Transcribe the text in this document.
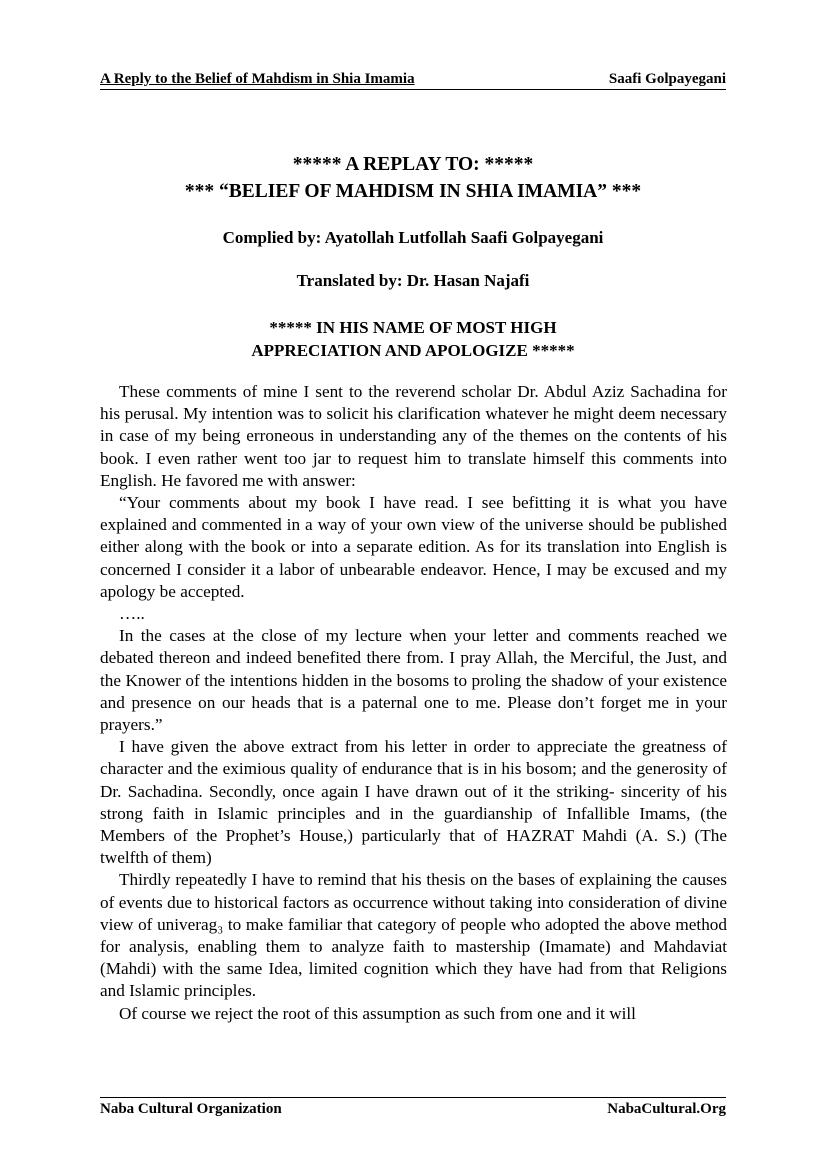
A Reply to the Belief of Mahdism in Shia Imamia	Saafi Golpayegani
***** A REPLAY TO: *****
*** “BELIEF OF MAHDISM IN SHIA IMAMIA” ***
Complied by: Ayatollah Lutfollah Saafi Golpayegani
Translated by: Dr. Hasan Najafi
***** IN HIS NAME OF MOST HIGH
APPRECIATION AND APOLOGIZE *****

These comments of mine I sent to the reverend scholar Dr. Abdul Aziz Sachadina for his perusal. My intention was to solicit his clarification whatever he might deem necessary in case of my being erroneous in understanding any of the themes on the contents of his book. I even rather went too jar to request him to translate himself this comments into English. He favored me with answer:

“Your comments about my book I have read. I see befitting it is what you have explained and commented in a way of your own view of the universe should be published either along with the book or into a separate edition. As for its translation into English is concerned I consider it a labor of unbearable endeavor. Hence, I may be excused and my apology be accepted.

…..

In the cases at the close of my lecture when your letter and comments reached we debated thereon and indeed benefited there from. I pray Allah, the Merciful, the Just, and the Knower of the intentions hidden in the bosoms to proling the shadow of your existence and presence on our heads that is a paternal one to me. Please don’t forget me in your prayers.”

I have given the above extract from his letter in order to appreciate the greatness of character and the eximious quality of endurance that is in his bosom; and the generosity of Dr. Sachadina. Secondly, once again I have drawn out of it the striking- sincerity of his strong faith in Islamic principles and in the guardianship of Infallible Imams, (the Members of the Prophet’s House,) particularly that of HAZRAT Mahdi (A. S.) (The twelfth of them)

Thirdly repeatedly I have to remind that his thesis on the bases of explaining the causes of events due to historical factors as occurrence without taking into consideration of divine view of univerag₃ to make familiar that category of people who adopted the above method for analysis, enabling them to analyze faith to mastership (Imamate) and Mahdaviat (Mahdi) with the same Idea, limited cognition which they have had from that Religions and Islamic principles.

Of course we reject the root of this assumption as such from one and it will

Naba Cultural Organization	NabaCultural.Org
